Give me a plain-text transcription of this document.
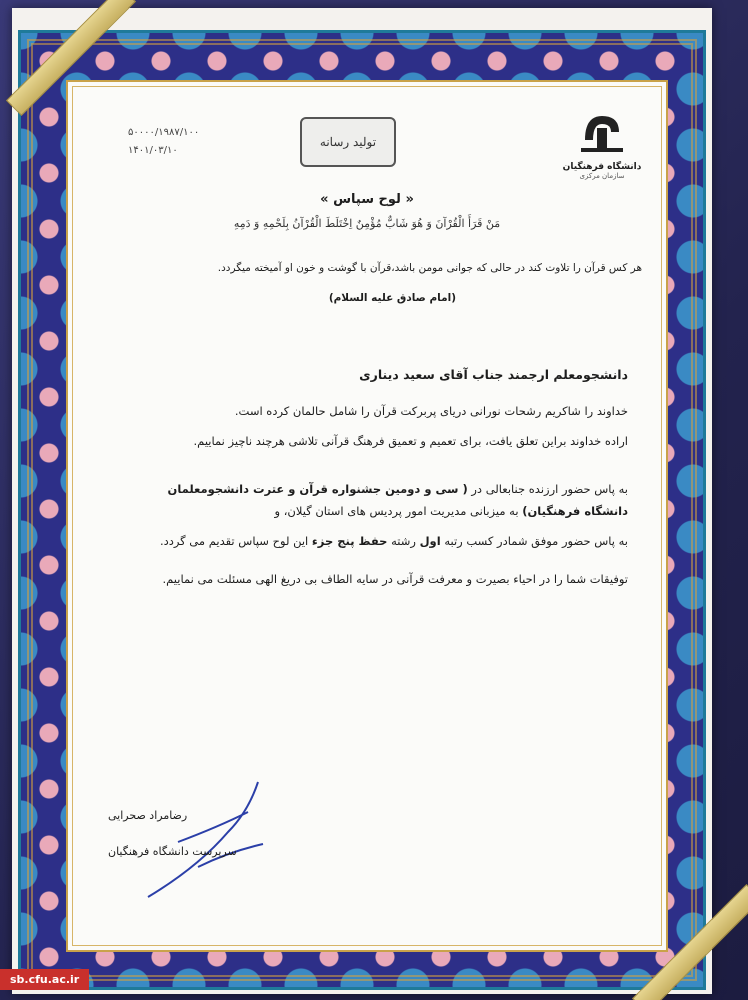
۵۰۰۰۰/۱۹۸۷/۱۰۰
۱۴۰۱/۰۳/۱۰
تولید رسانه
دانشگاه فرهنگیان
سازمان مرکزی
« لوح سپاس »
مَنْ قَرَأَ الْقُرْآنَ وَ هُوَ شَابٌّ مُؤْمِنٌ اِخْتَلَطَ الْقُرْآنُ بِلَحْمِهِ وَ دَمِهِ
هر کس قرآن را تلاوت کند در حالی که جوانی مومن باشد،قرآن با گوشت و خون او آمیخته میگردد.
(امام صادق علیه السلام)

دانشجومعلم ارجمند جناب آقای سعید دیناری

خداوند را شاکریم رشحات نورانی دریای پربرکت قرآن را شامل حالمان کرده است.

اراده خداوند براین تعلق یافت، برای تعمیم و تعمیق فرهنگ قرآنی تلاشی هرچند ناچیز نماییم.

به پاس حضور ارزنده جنابعالی در ( سی و دومین جشنواره قرآن و عترت دانشجومعلمان دانشگاه فرهنگیان) به میزبانی مدیریت امور پردیس های استان گیلان، و

به پاس حضور موفق شمادر کسب رتبه اول رشته حفظ پنج جزء این لوح سپاس تقدیم می گردد.

توفیقات شما را در احیاء بصیرت و معرفت قرآنی در سایه الطاف بی دریغ الهی مسئلت می نماییم.

رضامراد صحرایی
سرپرست دانشگاه فرهنگیان
sb.cfu.ac.ir
